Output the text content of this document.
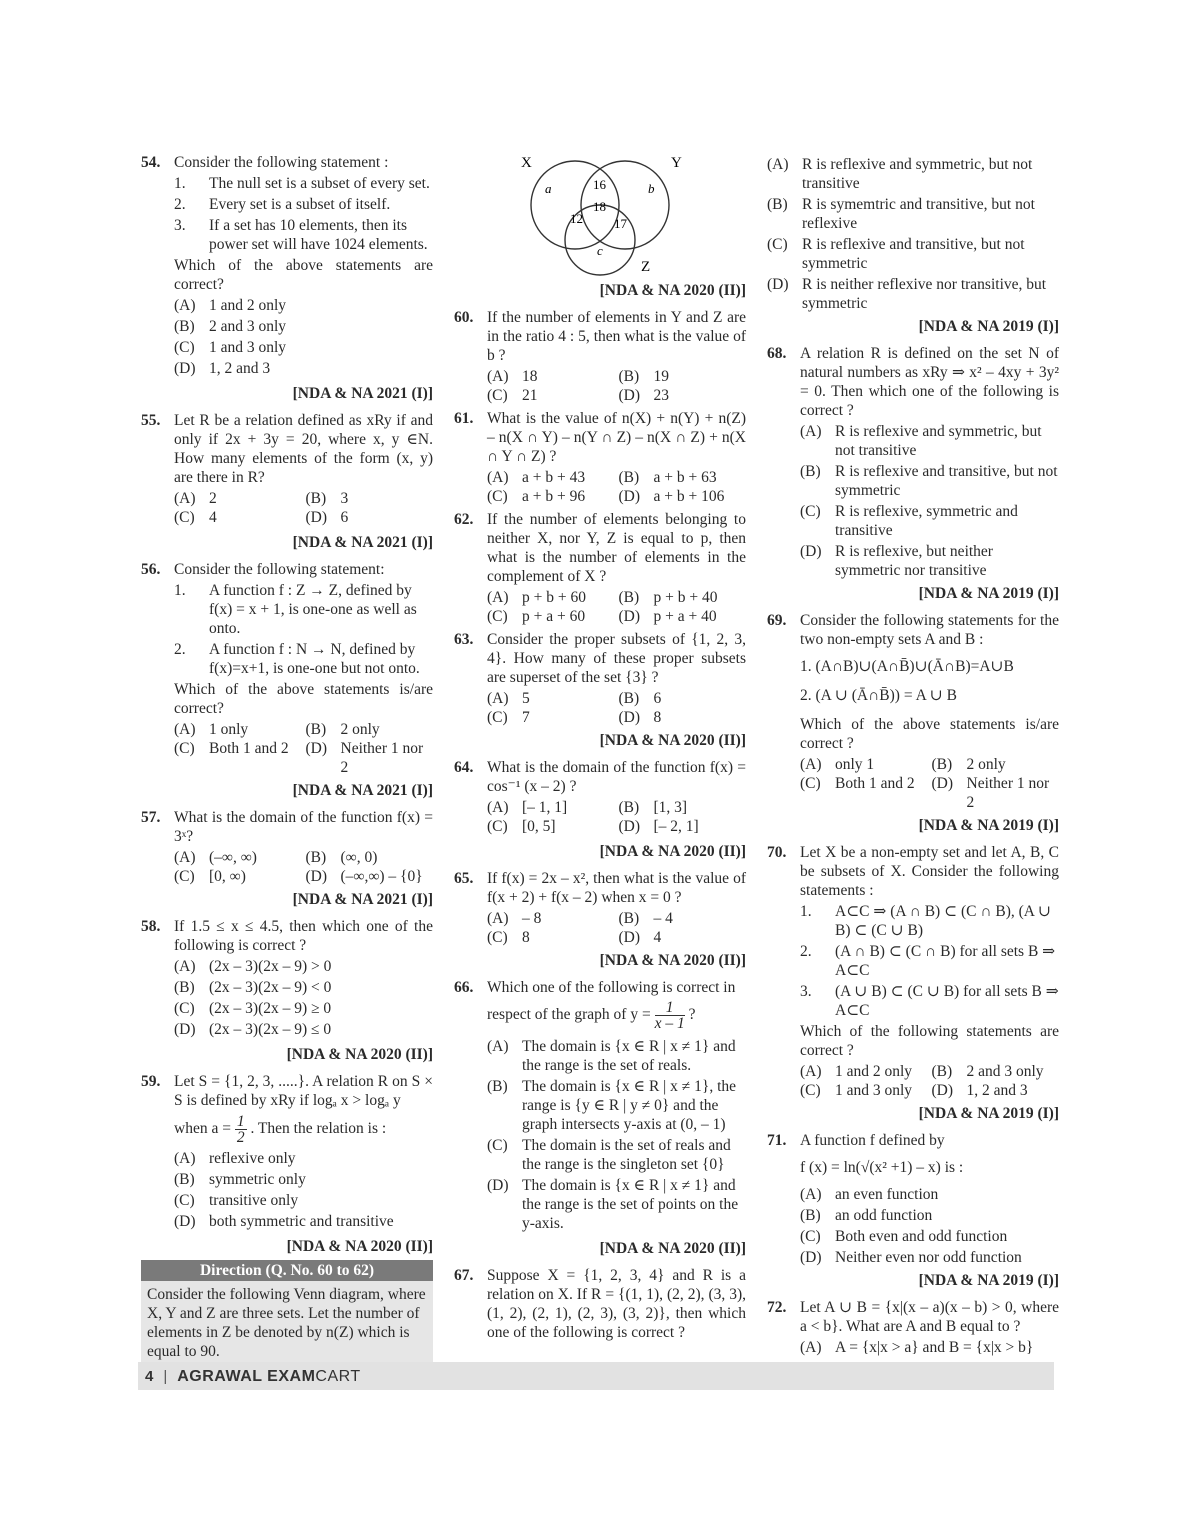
54. Consider the following statement :
1. The null set is a subset of every set.
2. Every set is a subset of itself.
3. If a set has 10 elements, then its power set will have 1024 elements.
Which of the above statements are correct?
(A) 1 and 2 only
(B) 2 and 3 only
(C) 1 and 3 only
(D) 1, 2 and 3
[NDA & NA 2021 (I)]
55. Let R be a relation defined as xRy if and only if 2x + 3y = 20, where x, y ∈N. How many elements of the form (x, y) are there in R?
(A) 2	(B) 3
(C) 4	(D) 6
[NDA & NA 2021 (I)]
56. Consider the following statement:
1. A function f : Z → Z, defined by f(x) = x + 1, is one-one as well as onto.
2. A function f : N → N, defined by f(x)=x+1, is one-one but not onto.
Which of the above statements is/are correct?
(A) 1 only	(B) 2 only
(C) Both 1 and 2	(D) Neither 1 nor 2
[NDA & NA 2021 (I)]
57. What is the domain of the function f(x) = 3ˣ?
(A) (–∞, ∞)	(B) (∞, 0)
(C) [0, ∞)	(D) (–∞,∞) – {0}
[NDA & NA 2021 (I)]
58. If 1.5 ≤ x ≤ 4.5, then which one of the following is correct ?
(A) (2x – 3)(2x – 9) > 0
(B) (2x – 3)(2x – 9) < 0
(C) (2x – 3)(2x – 9) ≥ 0
(D) (2x – 3)(2x – 9) ≤ 0
[NDA & NA 2020 (II)]
59. Let S = {1, 2, 3, .....}. A relation R on S × S is defined by xRy if logₐ x > logₐ y
when $a = \frac{1}{2}$ . Then the relation is :
(A) reflexive only
(B) symmetric only
(C) transitive only
(D) both symmetric and transitive
[NDA & NA 2020 (II)]
Direction (Q. No. 60 to 62)
Consider the following Venn diagram, where X, Y and Z are three sets. Let the number of elements in Z be denoted by n(Z) which is equal to 90.
X	Y
Z
a	b
c
16
18
12 17
[NDA & NA 2020 (II)]
60. If the number of elements in Y and Z are in the ratio 4 : 5, then what is the value of b ?
(A) 18	(B) 19
(C) 21	(D) 23
61. What is the value of n(X) + n(Y) + n(Z) – n(X ∩ Y) – n(Y ∩ Z) – n(X ∩ Z) + n(X ∩ Y ∩ Z) ?
(A) a + b + 43	(B) a + b + 63
(C) a + b + 96	(D) a + b + 106
62. If the number of elements belonging to neither X, nor Y, Z is equal to p, then what is the number of elements in the complement of X ?
(A) p + b + 60	(B) p + b + 40
(C) p + a + 60	(D) p + a + 40
63. Consider the proper subsets of {1, 2, 3, 4}. How many of these proper subsets are superset of the set {3} ?
(A) 5	(B) 6
(C) 7	(D) 8
[NDA & NA 2020 (II)]
64. What is the domain of the function f(x) = cos⁻¹ (x – 2) ?
(A) [– 1, 1]	(B) [1, 3]
(C) [0, 5]	(D) [– 2, 1]
[NDA & NA 2020 (II)]
65. If f(x) = 2x – x², then what is the value of f(x + 2) + f(x – 2) when x = 0 ?
(A) – 8	(B) – 4
(C) 8	(D) 4
[NDA & NA 2020 (II)]
66. Which one of the following is correct in
respect of the graph of $y = \frac{1}{x - 1}$ ?
(A) The domain is {x ∈ R | x ≠ 1} and the range is the set of reals.
(B) The domain is {x ∈ R | x ≠ 1}, the range is {y ∈ R | y ≠ 0} and the graph intersects y-axis at (0, – 1)
(C) The domain is the set of reals and the range is the singleton set {0}
(D) The domain is {x ∈ R | x ≠ 1} and the range is the set of points on the y-axis.
[NDA & NA 2020 (II)]
67. Suppose X = {1, 2, 3, 4} and R is a relation on X. If R = {(1, 1), (2, 2), (3, 3), (1, 2), (2, 1), (2, 3), (3, 2)}, then which one of the following is correct ?
(A) R is reflexive and symmetric, but not transitive
(B) R is symemtric and transitive, but not reflexive
(C) R is reflexive and transitive, but not symmetric
(D) R is neither reflexive nor transitive, but symmetric
[NDA & NA 2019 (I)]
68. A relation R is defined on the set N of natural numbers as xRy ⇒ x² – 4xy + 3y² = 0. Then which one of the following is correct ?
(A) R is reflexive and symmetric, but not transitive
(B) R is reflexive and transitive, but not symmetric
(C) R is reflexive, symmetric and transitive
(D) R is reflexive, but neither symmetric nor transitive
[NDA & NA 2019 (I)]
69. Consider the following statements for the two non-empty sets A and B :
1. (A∩B)∪(A∩B̄)∪(Ā∩B)=A∪B
2. (A ∪ (Ā∩B̄)) = A ∪ B
Which of the above statements is/are correct ?
(A) only 1	(B) 2 only
(C) Both 1 and 2	(D) Neither 1 nor 2
[NDA & NA 2019 (I)]
70. Let X be a non-empty set and let A, B, C be subsets of X. Consider the following statements :
1. A⊂C ⇒ (A ∩ B) ⊂ (C ∩ B), (A ∪ B) ⊂ (C ∪ B)
2. (A ∩ B) ⊂ (C ∩ B) for all sets B ⇒ A⊂C
3. (A ∪ B) ⊂ (C ∪ B) for all sets B ⇒ A⊂C
Which of the following statements are correct ?
(A) 1 and 2 only	(B) 2 and 3 only
(C) 1 and 3 only	(D) 1, 2 and 3
[NDA & NA 2019 (I)]
71. A function f defined by
f (x) = ln(√(x² +1) – x) is :
(A) an even function
(B) an odd function
(C) Both even and odd function
(D) Neither even nor odd function
[NDA & NA 2019 (I)]
72. Let A ∪ B = {x|(x – a)(x – b) > 0, where a < b}. What are A and B equal to ?
(A) A = {x|x > a} and B = {x|x > b}
4 | AGRAWAL EXAM CART
